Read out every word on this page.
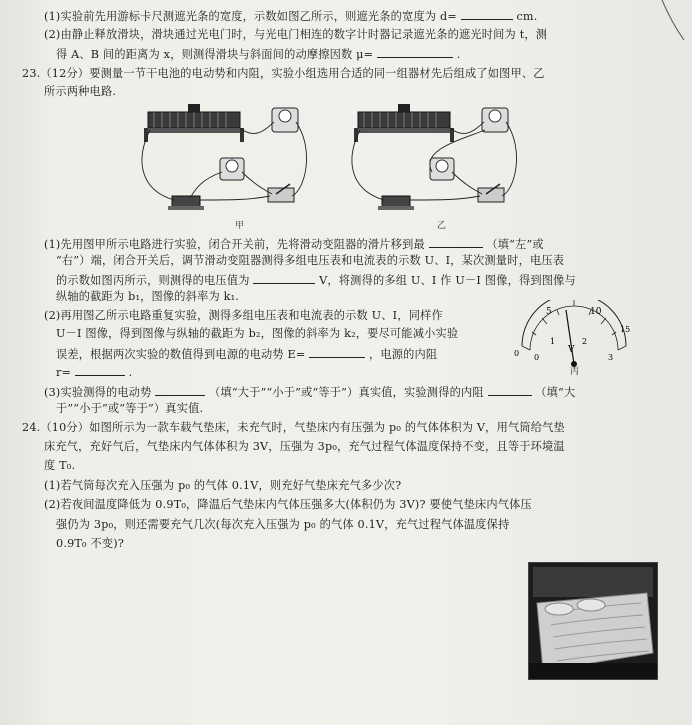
(1)实验前先用游标卡尺测遮光条的宽度，示数如图乙所示，则遮光条的宽度为 d=	cm.
(2)由静止释放滑块，滑块通过光电门时，与光电门相连的数字计时器记录遮光条的遮光时间为 t，测
得 A、B 间的距离为 x，则测得滑块与斜面间的动摩擦因数 μ=	.
23.（12分）要测量一节干电池的电动势和内阻，实验小组选用合适的同一组器材先后组成了如图甲、乙
所示两种电路.
甲	乙
(1)先用图甲所示电路进行实验，闭合开关前，先将滑动变阻器的滑片移到最	（填“左”或
“右”）端，闭合开关后，调节滑动变阻器测得多组电压表和电流表的示数 U、I，某次测量时，电压表
的示数如图丙所示，则测得的电压值为	V，将测得的多组 U、I 作 U－I 图像，得到图像与
纵轴的截距为 b₁，图像的斜率为 k₁.
(2)再用图乙所示电路重复实验，测得多组电压表和电流表的示数 U、I，同样作
U－I 图像，得到图像与纵轴的截距为 b₂，图像的斜率为 k₂，要尽可能减小实验
误差，根据两次实验的数值得到电源的电动势 E=	，电源的内阻
r=	.
5	10
0
15
0
1	2
3
V
丙
(3)实验测得的电动势	（填“大于”“小于”或“等于”）真实值，实验测得的内阻	（填“大
于”“小于”或“等于”）真实值.
24.（10分）如图所示为一款车载气垫床，未充气时，气垫床内有压强为 p₀ 的气体体积为 V，用气筒给气垫
床充气，充好气后，气垫床内气体体积为 3V，压强为 3p₀，充气过程气体温度保持不变，且等于环境温
度 T₀.
(1)若气筒每次充入压强为 p₀ 的气体 0.1V，则充好气垫床充气多少次?
(2)若夜间温度降低为 0.9T₀，降温后气垫床内气体压强多大(体积仍为 3V)? 要使气垫床内气体压
强仍为 3p₀，则还需要充气几次(每次充入压强为 p₀ 的气体 0.1V，充气过程气体温度保持
0.9T₀ 不变)?
